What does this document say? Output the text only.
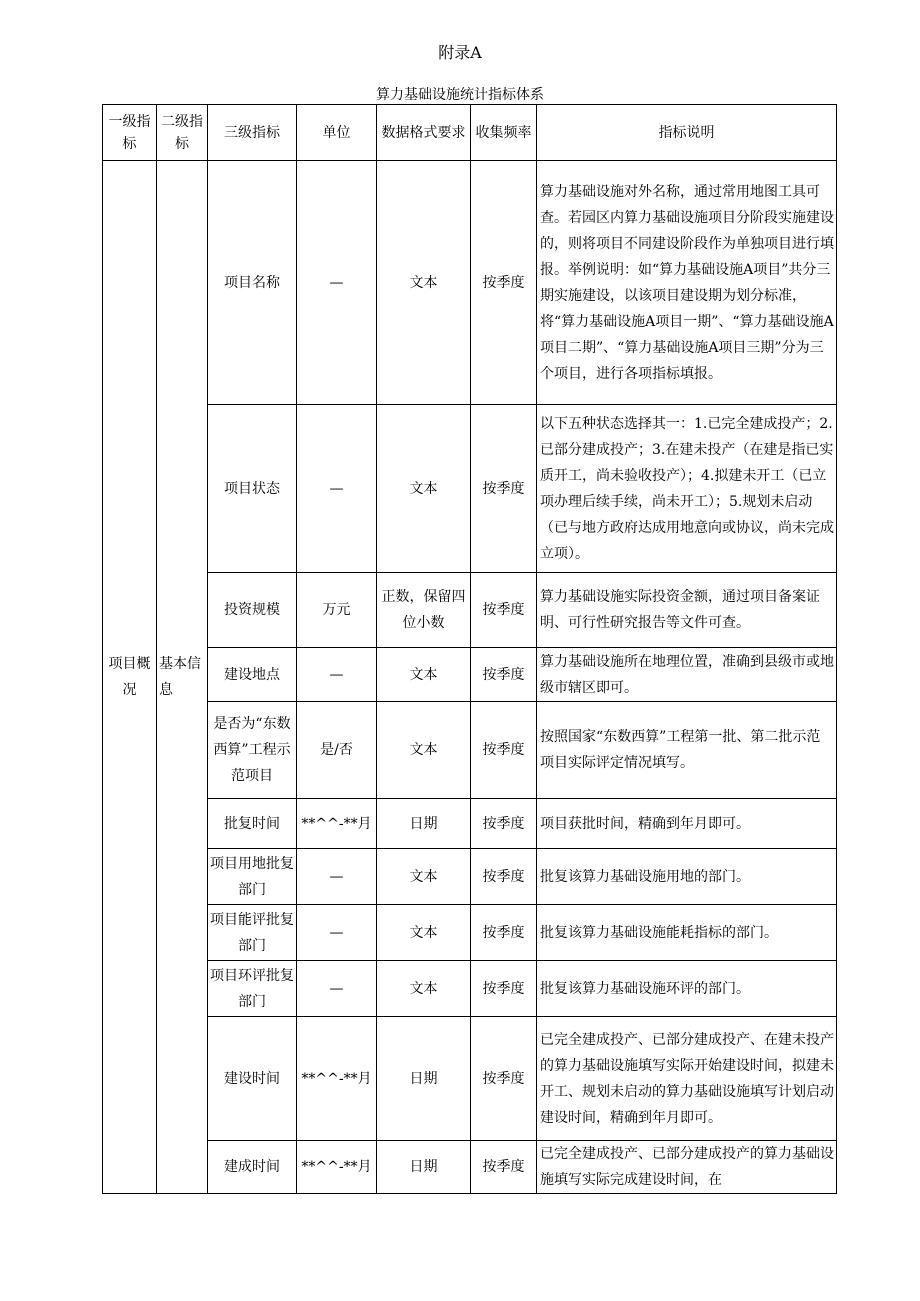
附录A
算力基础设施统计指标体系
一级指标	二级指标	三级指标	单位	数据格式要求	收集频率	指标说明
项目概况	基本信息	项目名称	—	文本	按季度	算力基础设施对外名称，通过常用地图工具可查。若园区内算力基础设施项目分阶段实施建设的，则将项目不同建设阶段作为单独项目进行填报。举例说明：如“算力基础设施A项目”共分三期实施建设，以该项目建设期为划分标准，将“算力基础设施A项目一期”、“算力基础设施A项目二期”、“算力基础设施A项目三期”分为三个项目，进行各项指标填报。
		项目状态	—	文本	按季度	以下五种状态选择其一：1.已完全建成投产；2.已部分建成投产；3.在建未投产（在建是指已实质开工，尚未验收投产）；4.拟建未开工（已立项办理后续手续，尚未开工）；5.规划未启动（已与地方政府达成用地意向或协议，尚未完成立项）。
		投资规模	万元	正数，保留四位小数	按季度	算力基础设施实际投资金额，通过项目备案证明、可行性研究报告等文件可查。
		建设地点	—	文本	按季度	算力基础设施所在地理位置，准确到县级市或地级市辖区即可。
		是否为“东数西算”工程示范项目	是/否	文本	按季度	按照国家“东数西算”工程第一批、第二批示范项目实际评定情况填写。
		批复时间	**^^-**月	日期	按季度	项目获批时间，精确到年月即可。
		项目用地批复部门	—	文本	按季度	批复该算力基础设施用地的部门。
		项目能评批复部门	—	文本	按季度	批复该算力基础设施能耗指标的部门。
		项目环评批复部门	—	文本	按季度	批复该算力基础设施环评的部门。
		建设时间	**^^-**月	日期	按季度	已完全建成投产、已部分建成投产、在建未投产的算力基础设施填写实际开始建设时间，拟建未开工、规划未启动的算力基础设施填写计划启动建设时间，精确到年月即可。
		建成时间	**^^-**月	日期	按季度	已完全建成投产、已部分建成投产的算力基础设施填写实际完成建设时间，在
